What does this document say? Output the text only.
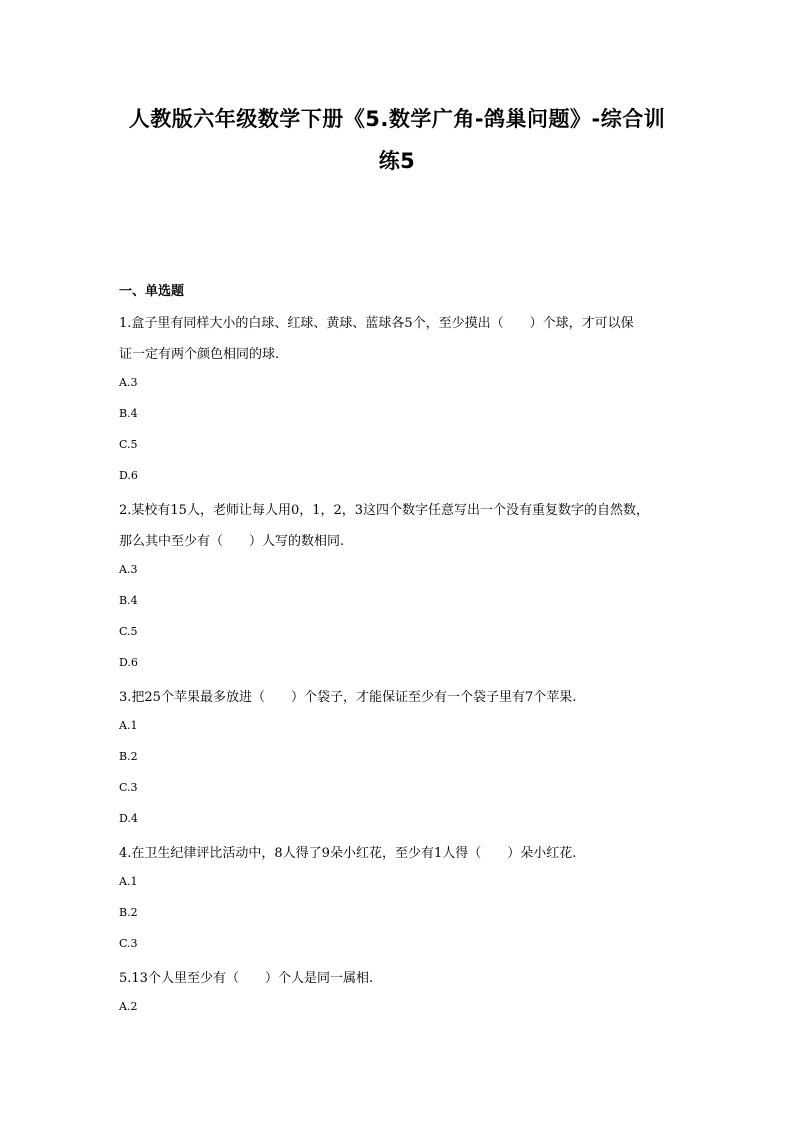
人教版六年级数学下册《5.数学广角-鸽巢问题》-综合训
练5
一、单选题
1.盒子里有同样大小的白球、红球、黄球、蓝球各5个，至少摸出（　　）个球，才可以保
证一定有两个颜色相同的球.
A.3
B.4
C.5
D.6
2.某校有15人，老师让每人用0，1，2，3这四个数字任意写出一个没有重复数字的自然数，
那么其中至少有（　　）人写的数相同.
A.3
B.4
C.5
D.6
3.把25个苹果最多放进（　　）个袋子，才能保证至少有一个袋子里有7个苹果.
A.1
B.2
C.3
D.4
4.在卫生纪律评比活动中，8人得了9朵小红花，至少有1人得（　　）朵小红花.
A.1
B.2
C.3
5.13个人里至少有（　　）个人是同一属相.
A.2
